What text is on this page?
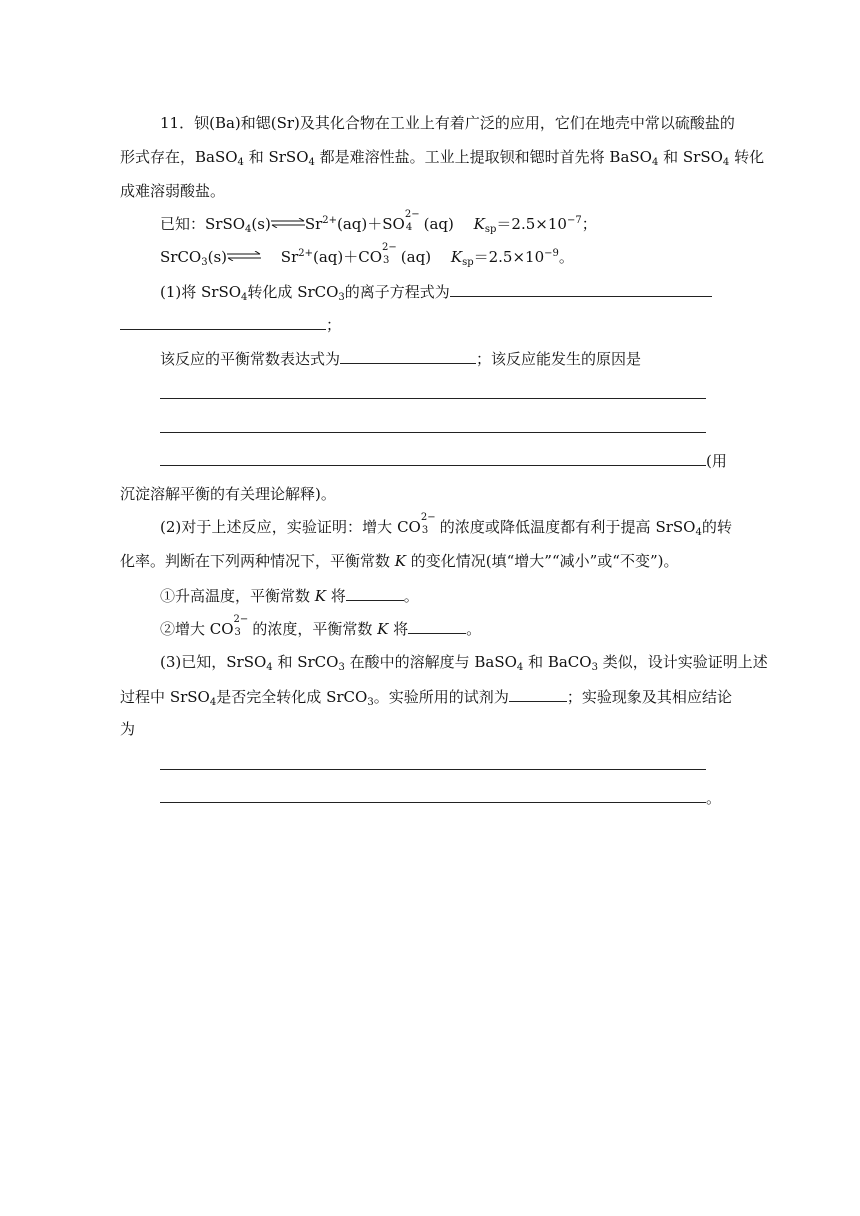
11．钡(Ba)和锶(Sr)及其化合物在工业上有着广泛的应用，它们在地壳中常以硫酸盐的
形式存在，BaSO$_4$ 和 SrSO$_4$ 都是难溶性盐。工业上提取钡和锶时首先将 BaSO$_4$ 和 SrSO$_4$ 转化
成难溶弱酸盐。
已知：$SrSO_4(s)\rightleftharpoons Sr^{2+}(aq)+SO$
2−
4 (aq)　 $K_{sp}=2.5\times 10^{-7}$；
SrCO$_3$(s)⇌　 $Sr^{2+}(aq)+CO$
2−
3 (aq)　 $K_{sp}=2.5\times 10^{-9}$。
(1)将 SrSO$_4$转化成 SrCO$_3$的离子方程式为
；
该反应的平衡常数表达式为	；该反应能发生的原因是
(用
沉淀溶解平衡的有关理论解释)。
(2)对于上述反应，实验证明：增大 CO
2−
3 的浓度或降低温度都有利于提高 SrSO$_4$的转
化率。判断在下列两种情况下，平衡常数 K 的变化情况(填“增大”“减小”或“不变”)。
①升高温度，平衡常数 K 将	。
②增大 CO
2−
3 的浓度，平衡常数 K 将	。
(3)已知，SrSO$_4$ 和 SrCO$_3$ 在酸中的溶解度与 BaSO$_4$ 和 BaCO$_3$ 类似，设计实验证明上述
过程中 SrSO$_4$是否完全转化成 SrCO$_3$。实验所用的试剂为	；实验现象及其相应结论
为
。
